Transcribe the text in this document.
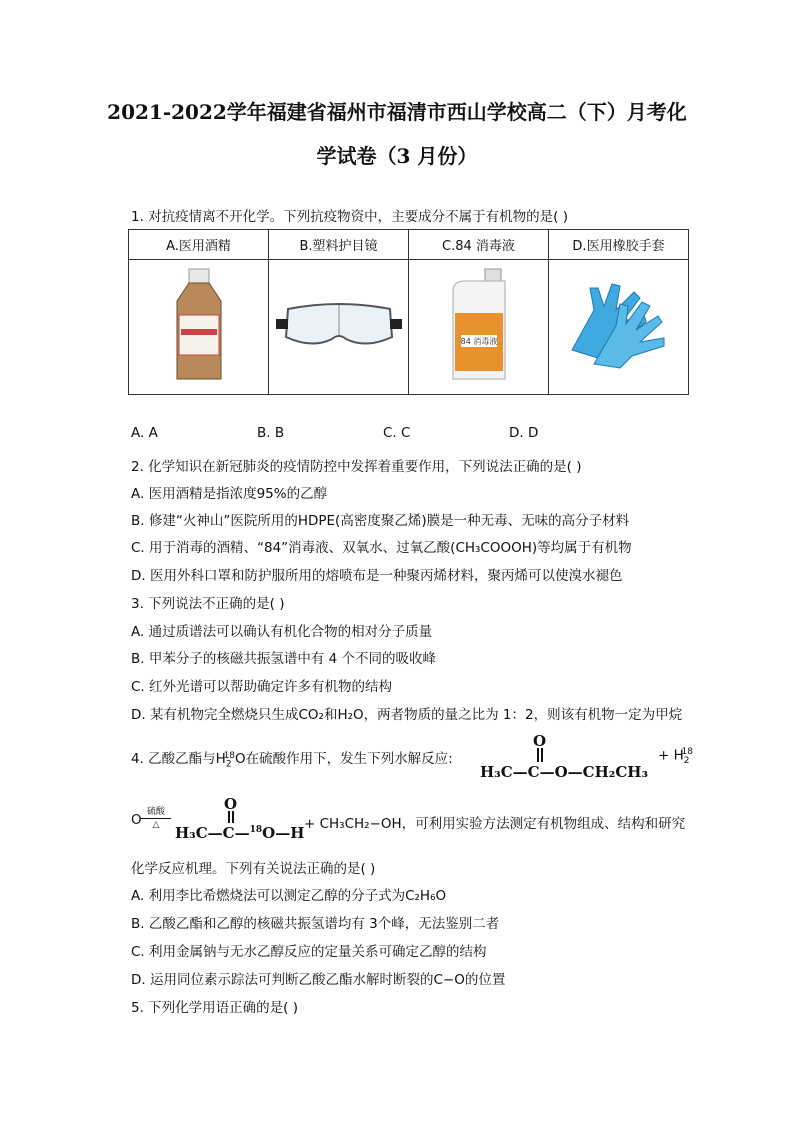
2021-2022学年福建省福州市福清市西山学校高二（下）月考化
学试卷（3 月份）
1. 对抗疫情离不开化学。下列抗疫物资中，主要成分不属于有机物的是( )
A.医用酒精	B.塑料护目镜	C.84 消毒液	D.医用橡胶手套

84 消毒液

A. A	B. B	C. C	D. D
2. 化学知识在新冠肺炎的疫情防控中发挥着重要作用，下列说法正确的是( )
A. 医用酒精是指浓度95%的乙醇
B. 修建“火神山”医院所用的HDPE(高密度聚乙烯)膜是一种无毒、无味的高分子材料
C. 用于消毒的酒精、“84”消毒液、双氧水、过氧乙酸(CH₃COOOH)等均属于有机物
D. 医用外科口罩和防护服所用的熔喷布是一种聚丙烯材料，聚丙烯可以使溴水褪色
3. 下列说法不正确的是( )
A. 通过质谱法可以确认有机化合物的相对分子质量
B. 甲苯分子的核磁共振氢谱中有 4 个不同的吸收峰
C. 红外光谱可以帮助确定许多有机物的结构
D. 某有机物完全燃烧只生成CO₂和H₂O，两者物质的量之比为 1：2，则该有机物一定为甲烷
4. 乙酸乙酯与$H_2^{18}O$在硫酸作用下，发生下列水解反应:
O
H₃C—C—O—CH₂CH₃
+ $H_2^{18}$
O 硫酸
△
O
H₃C—C—$^{18}$O—H + CH₃CH₂−OH，可利用实验方法测定有机物组成、结构和研究
化学反应机理。下列有关说法正确的是( )
A. 利用李比希燃烧法可以测定乙醇的分子式为C₂H₆O
B. 乙酸乙酯和乙醇的核磁共振氢谱均有 3个峰，无法鉴别二者
C. 利用金属钠与无水乙醇反应的定量关系可确定乙醇的结构
D. 运用同位素示踪法可判断乙酸乙酯水解时断裂的C−O的位置
5. 下列化学用语正确的是( )
